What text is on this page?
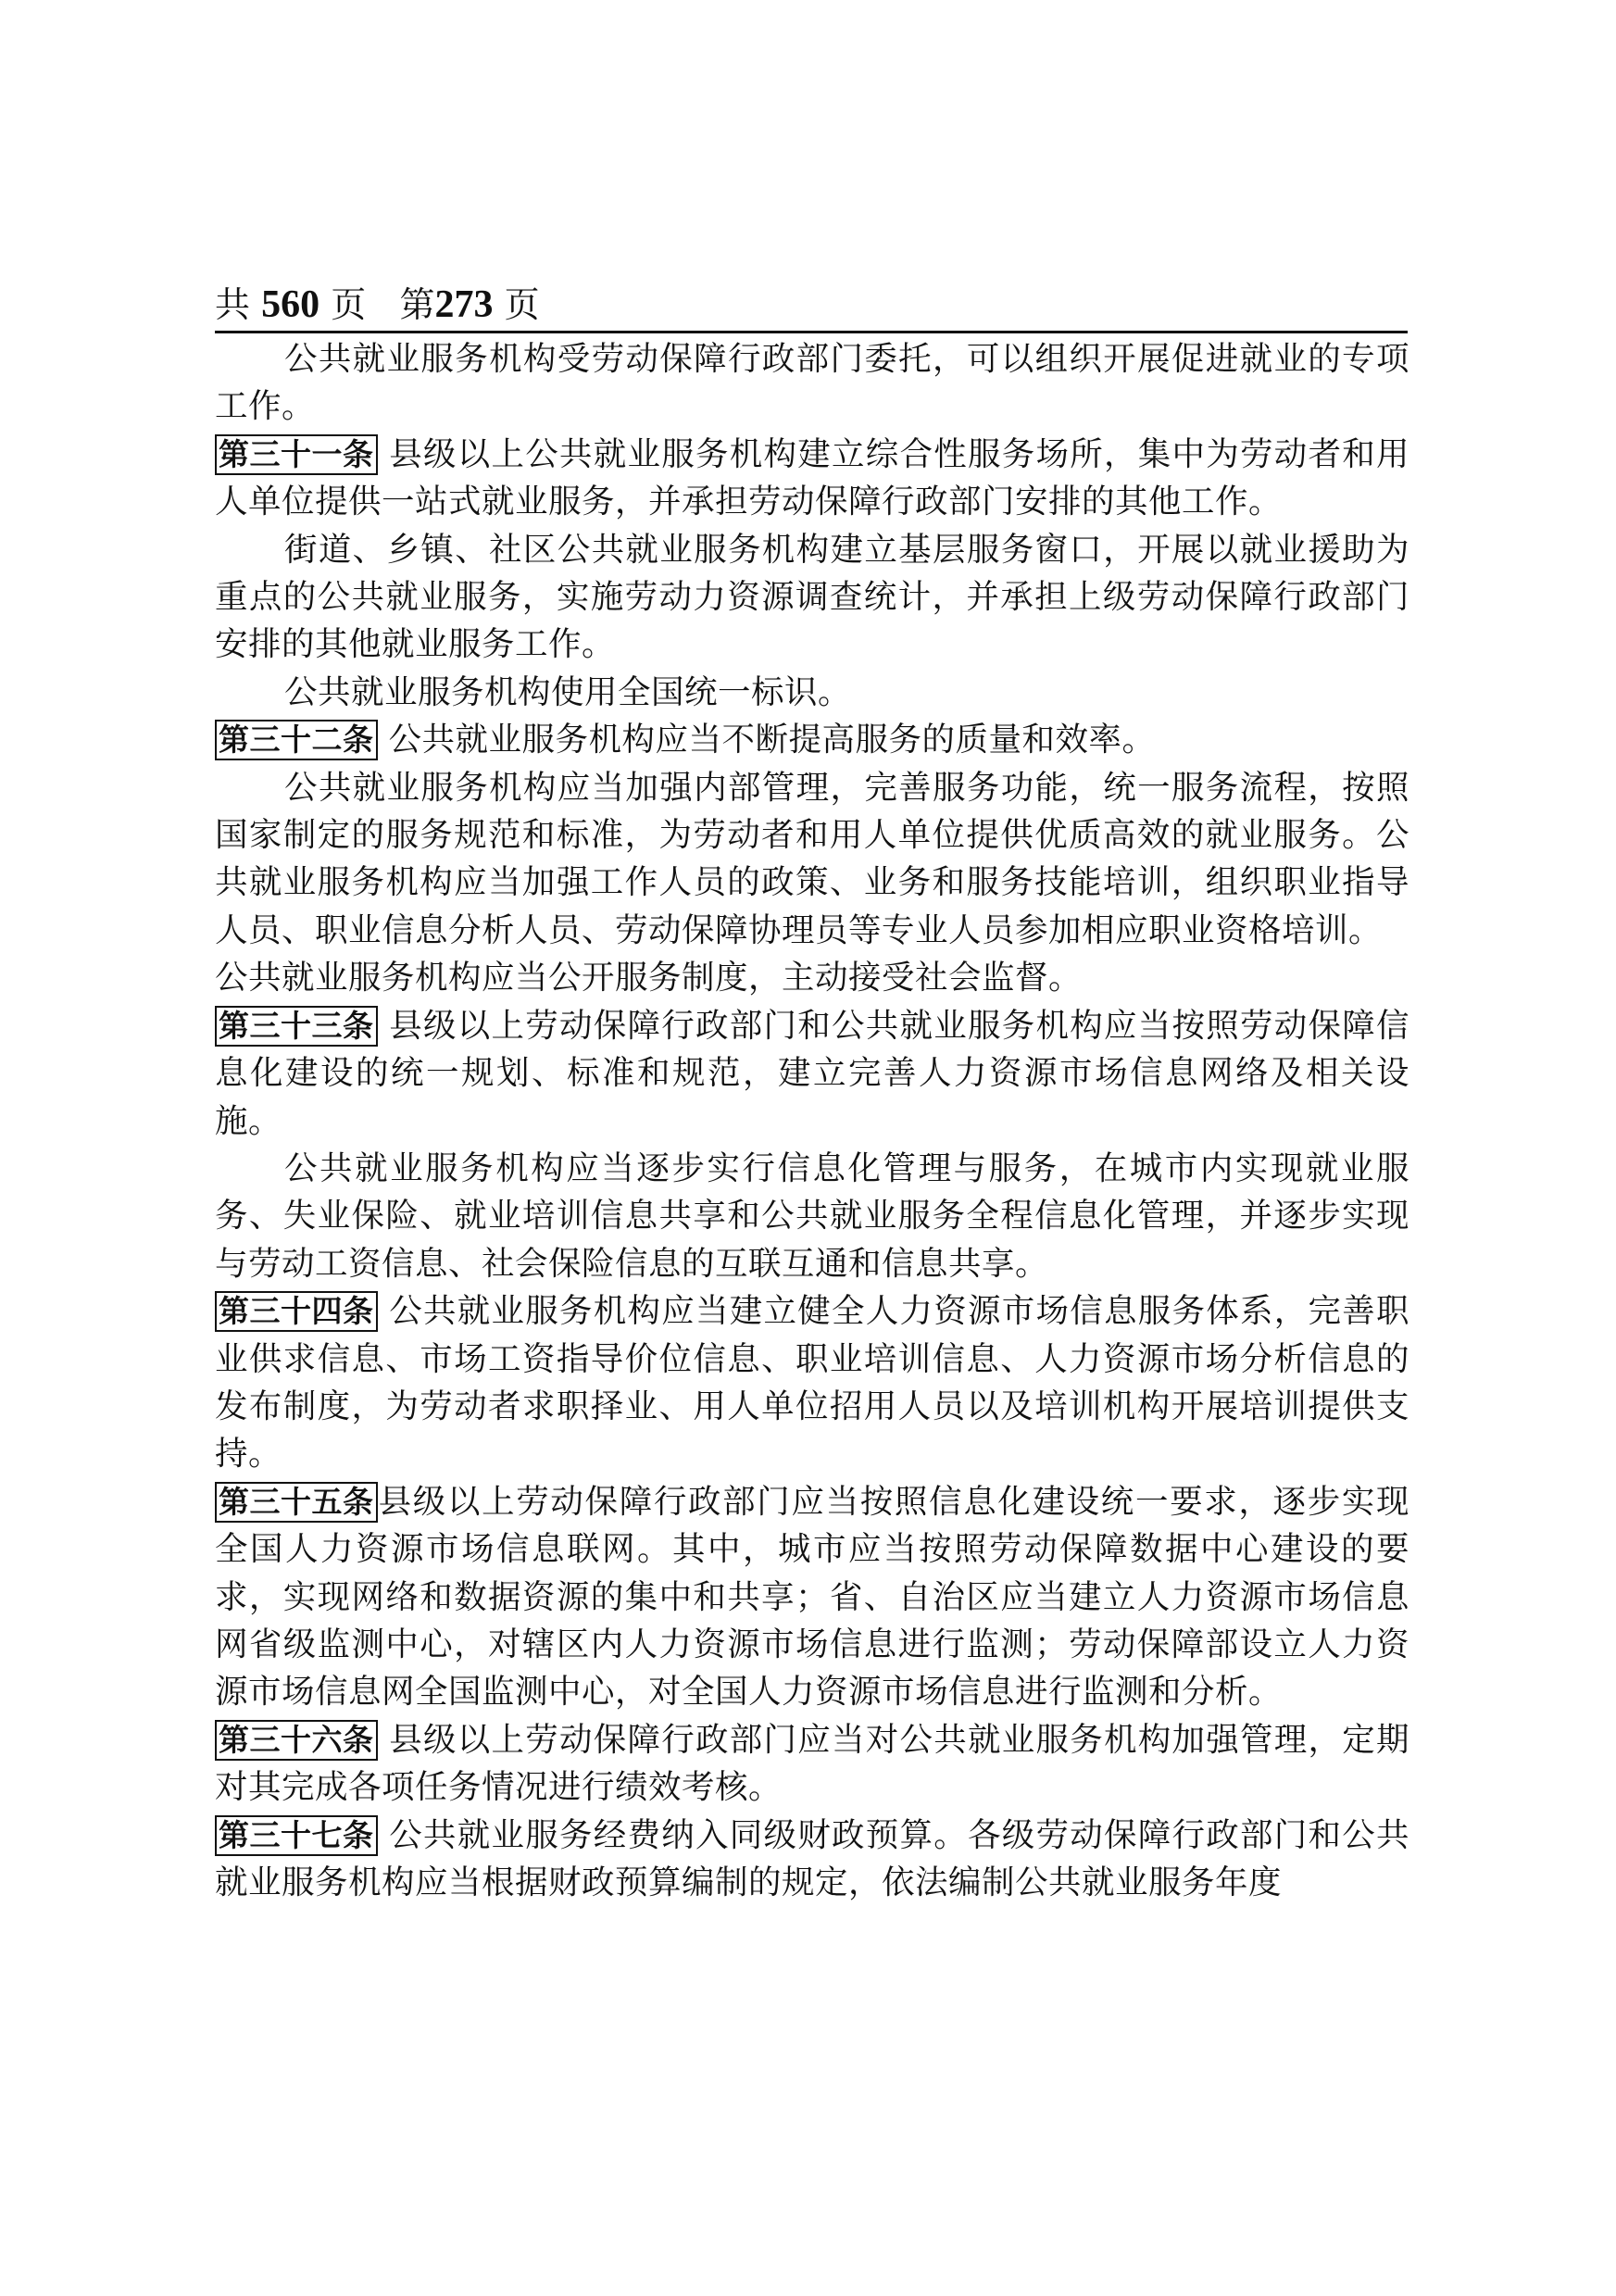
共 560 页 第273 页

公共就业服务机构受劳动保障行政部门委托，可以组织开展促进就业的专项工作。

第三十一条 县级以上公共就业服务机构建立综合性服务场所，集中为劳动者和用人单位提供一站式就业服务，并承担劳动保障行政部门安排的其他工作。

街道、乡镇、社区公共就业服务机构建立基层服务窗口，开展以就业援助为重点的公共就业服务，实施劳动力资源调查统计，并承担上级劳动保障行政部门安排的其他就业服务工作。

公共就业服务机构使用全国统一标识。

第三十二条 公共就业服务机构应当不断提高服务的质量和效率。

公共就业服务机构应当加强内部管理，完善服务功能，统一服务流程，按照国家制定的服务规范和标准，为劳动者和用人单位提供优质高效的就业服务。公共就业服务机构应当加强工作人员的政策、业务和服务技能培训，组织职业指导人员、职业信息分析人员、劳动保障协理员等专业人员参加相应职业资格培训。

公共就业服务机构应当公开服务制度，主动接受社会监督。

第三十三条 县级以上劳动保障行政部门和公共就业服务机构应当按照劳动保障信息化建设的统一规划、标准和规范，建立完善人力资源市场信息网络及相关设施。

公共就业服务机构应当逐步实行信息化管理与服务，在城市内实现就业服务、失业保险、就业培训信息共享和公共就业服务全程信息化管理，并逐步实现与劳动工资信息、社会保险信息的互联互通和信息共享。

第三十四条 公共就业服务机构应当建立健全人力资源市场信息服务体系，完善职业供求信息、市场工资指导价位信息、职业培训信息、人力资源市场分析信息的发布制度，为劳动者求职择业、用人单位招用人员以及培训机构开展培训提供支持。

第三十五条 县级以上劳动保障行政部门应当按照信息化建设统一要求，逐步实现全国人力资源市场信息联网。其中，城市应当按照劳动保障数据中心建设的要求，实现网络和数据资源的集中和共享；省、自治区应当建立人力资源市场信息网省级监测中心，对辖区内人力资源市场信息进行监测；劳动保障部设立人力资源市场信息网全国监测中心，对全国人力资源市场信息进行监测和分析。

第三十六条 县级以上劳动保障行政部门应当对公共就业服务机构加强管理，定期对其完成各项任务情况进行绩效考核。

第三十七条 公共就业服务经费纳入同级财政预算。各级劳动保障行政部门和公共就业服务机构应当根据财政预算编制的规定，依法编制公共就业服务年度
